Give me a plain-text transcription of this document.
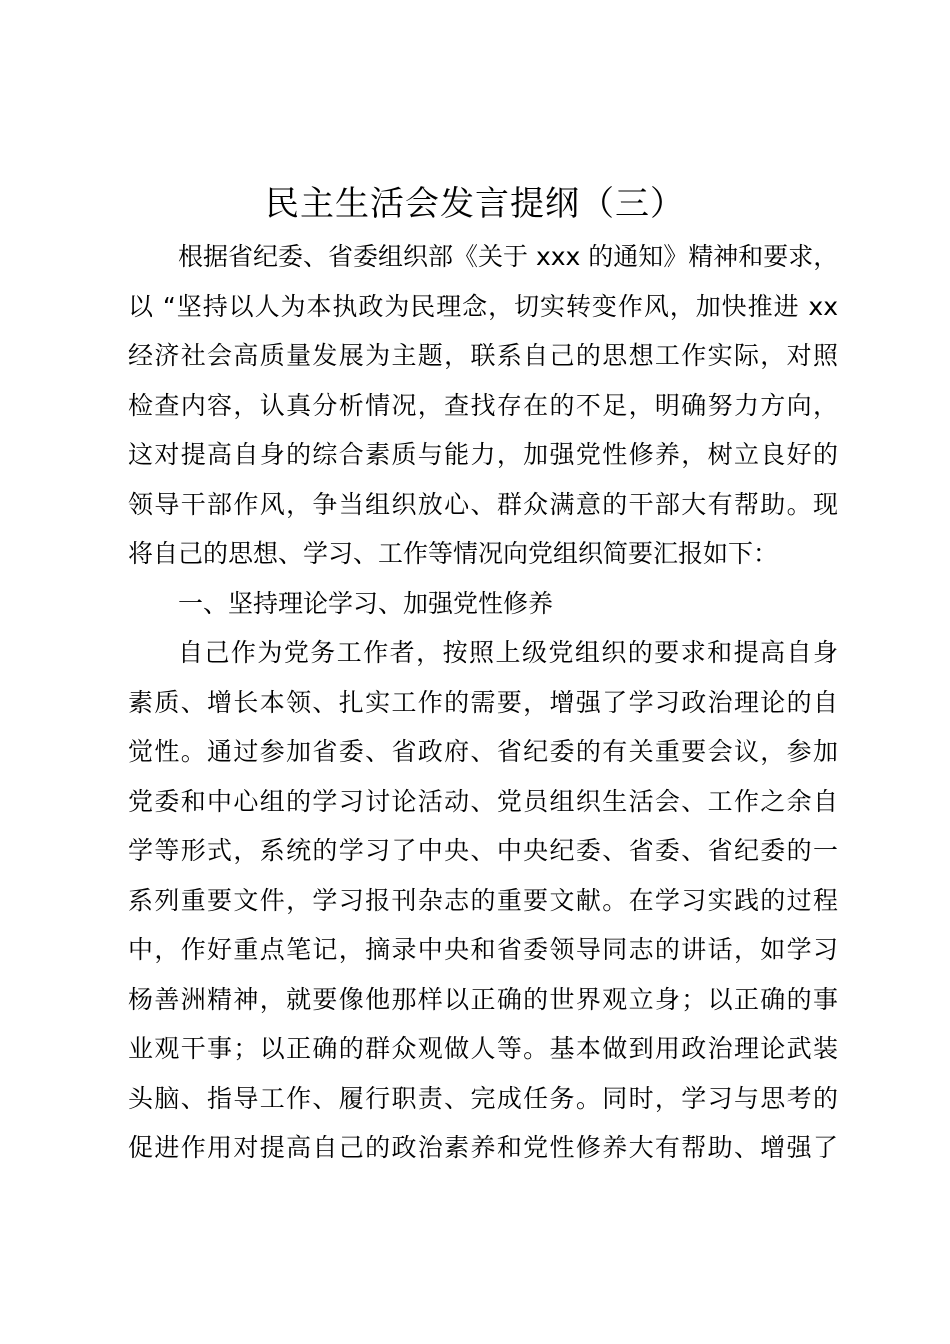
民主生活会发言提纲（三）
根据省纪委、省委组织部《关于 xxx 的通知》精神和要求，
以 “坚持以人为本执政为民理念，切实转变作风，加快推进 xx
经济社会高质量发展为主题，联系自己的思想工作实际，对照
检查内容，认真分析情况，查找存在的不足，明确努力方向，
这对提高自身的综合素质与能力，加强党性修养，树立良好的
领导干部作风，争当组织放心、群众满意的干部大有帮助。现
将自己的思想、学习、工作等情况向党组织简要汇报如下：
一、坚持理论学习、加强党性修养
自己作为党务工作者，按照上级党组织的要求和提高自身
素质、增长本领、扎实工作的需要，增强了学习政治理论的自
觉性。通过参加省委、省政府、省纪委的有关重要会议，参加
党委和中心组的学习讨论活动、党员组织生活会、工作之余自
学等形式，系统的学习了中央、中央纪委、省委、省纪委的一
系列重要文件，学习报刊杂志的重要文献。在学习实践的过程
中，作好重点笔记，摘录中央和省委领导同志的讲话，如学习
杨善洲精神，就要像他那样以正确的世界观立身；以正确的事
业观干事；以正确的群众观做人等。基本做到用政治理论武装
头脑、指导工作、履行职责、完成任务。同时，学习与思考的
促进作用对提高自己的政治素养和党性修养大有帮助、增强了
